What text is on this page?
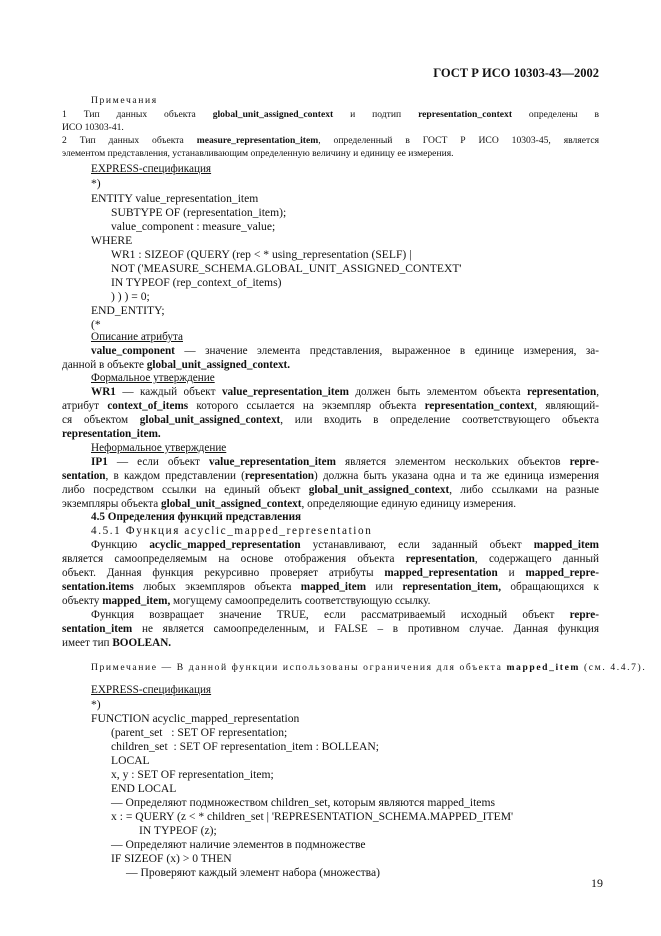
ГОСТ Р ИСО 10303-43—2002
Примечания
1 Тип данных объекта global_unit_assigned_context и подтип representation_context определены в
ИСО 10303-41.
2 Тип данных объекта measure_representation_item, определенный в ГОСТ Р ИСО 10303-45, является
элементом представления, устанавливающим определенную величину и единицу ее измерения.
EXPRESS-спецификация
*)
ENTITY value_representation_item
SUBTYPE OF (representation_item);
value_component : measure_value;
WHERE
WR1 : SIZEOF (QUERY (rep < * using_representation (SELF) |
NOT ('MEASURE_SCHEMA.GLOBAL_UNIT_ASSIGNED_CONTEXT'
IN TYPEOF (rep_context_of_items)
) ) ) = 0;
END_ENTITY;
(*
Описание атрибута
value_component — значение элемента представления, выраженное в единице измерения, за-
данной в объекте global_unit_assigned_context.
Формальное утверждение
WR1 — каждый объект value_representation_item должен быть элементом объекта representation,
атрибут context_of_items которого ссылается на экземпляр объекта representation_context, являющий-
ся объектом global_unit_assigned_context, или входить в определение соответствующего объекта
representation_item.
Неформальное утверждение
IP1 — если объект value_representation_item является элементом нескольких объектов repre-
sentation, в каждом представлении (representation) должна быть указана одна и та же единица измерения
либо посредством ссылки на единый объект global_unit_assigned_context, либо ссылками на разные
экземпляры объекта global_unit_assigned_context, определяющие единую единицу измерения.
4.5 Определения функций представления
4.5.1 Функция acyclic_mapped_representation
Функцию acyclic_mapped_representation устанавливают, если заданный объект mapped_item
является самоопределяемым на основе отображения объекта representation, содержащего данный
объект. Данная функция рекурсивно проверяет атрибуты mapped_representation и mapped_repre-
sentation.items любых экземпляров объекта mapped_item или representation_item, обращающихся к
объекту mapped_item, могущему самоопределить соответствующую ссылку.
Функция возвращает значение TRUE, если рассматриваемый исходный объект repre-
sentation_item не является самоопределенным, и FALSE – в противном случае. Данная функция
имеет тип BOOLEAN.
Примечание — В данной функции использованы ограничения для объекта mapped_item (см. 4.4.7).
EXPRESS-спецификация
*)
FUNCTION acyclic_mapped_representation
(parent_set   : SET OF representation;
children_set  : SET OF representation_item : BOLLEAN;
LOCAL
x, y : SET OF representation_item;
END LOCAL
— Определяют подмножеством children_set, которым являются mapped_items
x : = QUERY (z < * children_set | 'REPRESENTATION_SCHEMA.MAPPED_ITEM'
IN TYPEOF (z);
— Определяют наличие элементов в подмножестве
IF SIZEOF (x) > 0 THEN
— Проверяют каждый элемент набора (множества)
19
